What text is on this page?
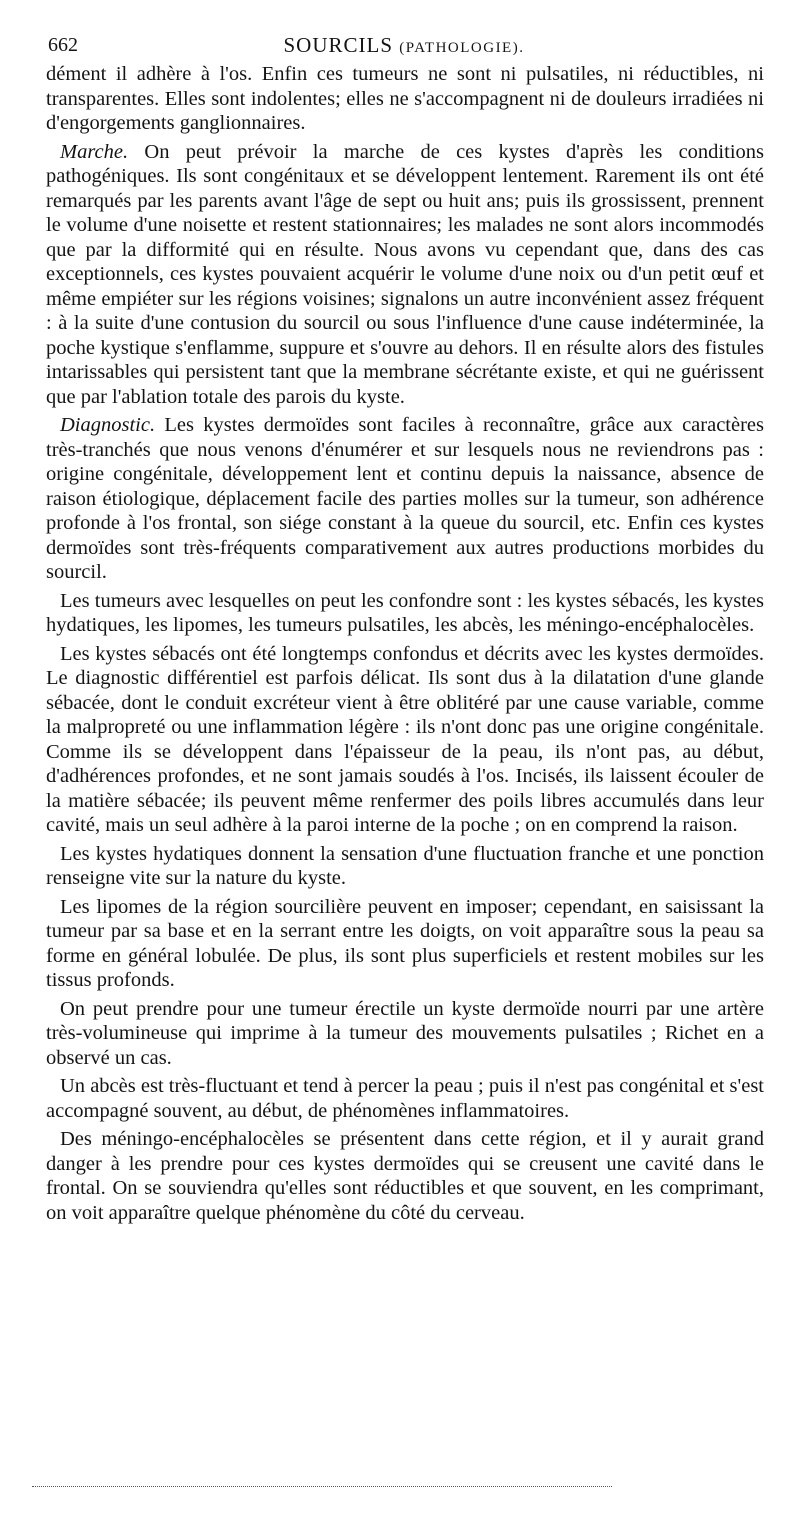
662	SOURCILS (PATHOLOGIE).

dément il adhère à l'os. Enfin ces tumeurs ne sont ni pulsatiles, ni réductibles, ni transparentes. Elles sont indolentes; elles ne s'accompagnent ni de douleurs irradiées ni d'engorgements ganglionnaires.

Marche. On peut prévoir la marche de ces kystes d'après les conditions pathogéniques. Ils sont congénitaux et se développent lentement. Rarement ils ont été remarqués par les parents avant l'âge de sept ou huit ans; puis ils grossissent, prennent le volume d'une noisette et restent stationnaires; les malades ne sont alors incommodés que par la difformité qui en résulte. Nous avons vu cependant que, dans des cas exceptionnels, ces kystes pouvaient acquérir le volume d'une noix ou d'un petit œuf et même empiéter sur les régions voisines; signalons un autre inconvénient assez fréquent : à la suite d'une contusion du sourcil ou sous l'influence d'une cause indéterminée, la poche kystique s'enflamme, suppure et s'ouvre au dehors. Il en résulte alors des fistules intarissables qui persistent tant que la membrane sécrétante existe, et qui ne guérissent que par l'ablation totale des parois du kyste.

Diagnostic. Les kystes dermoïdes sont faciles à reconnaître, grâce aux caractères très-tranchés que nous venons d'énumérer et sur lesquels nous ne reviendrons pas : origine congénitale, développement lent et continu depuis la naissance, absence de raison étiologique, déplacement facile des parties molles sur la tumeur, son adhérence profonde à l'os frontal, son siége constant à la queue du sourcil, etc. Enfin ces kystes dermoïdes sont très-fréquents comparativement aux autres productions morbides du sourcil.

Les tumeurs avec lesquelles on peut les confondre sont : les kystes sébacés, les kystes hydatiques, les lipomes, les tumeurs pulsatiles, les abcès, les méningo-encéphalocèles.

Les kystes sébacés ont été longtemps confondus et décrits avec les kystes dermoïdes. Le diagnostic différentiel est parfois délicat. Ils sont dus à la dilatation d'une glande sébacée, dont le conduit excréteur vient à être oblitéré par une cause variable, comme la malpropreté ou une inflammation légère : ils n'ont donc pas une origine congénitale. Comme ils se développent dans l'épaisseur de la peau, ils n'ont pas, au début, d'adhérences profondes, et ne sont jamais soudés à l'os. Incisés, ils laissent écouler de la matière sébacée; ils peuvent même renfermer des poils libres accumulés dans leur cavité, mais un seul adhère à la paroi interne de la poche ; on en comprend la raison.

Les kystes hydatiques donnent la sensation d'une fluctuation franche et une ponction renseigne vite sur la nature du kyste.

Les lipomes de la région sourcilière peuvent en imposer; cependant, en saisissant la tumeur par sa base et en la serrant entre les doigts, on voit apparaître sous la peau sa forme en général lobulée. De plus, ils sont plus superficiels et restent mobiles sur les tissus profonds.

On peut prendre pour une tumeur érectile un kyste dermoïde nourri par une artère très-volumineuse qui imprime à la tumeur des mouvements pulsatiles ; Richet en a observé un cas.

Un abcès est très-fluctuant et tend à percer la peau ; puis il n'est pas congénital et s'est accompagné souvent, au début, de phénomènes inflammatoires.

Des méningo-encéphalocèles se présentent dans cette région, et il y aurait grand danger à les prendre pour ces kystes dermoïdes qui se creusent une cavité dans le frontal. On se souviendra qu'elles sont réductibles et que souvent, en les comprimant, on voit apparaître quelque phénomène du côté du cerveau.
